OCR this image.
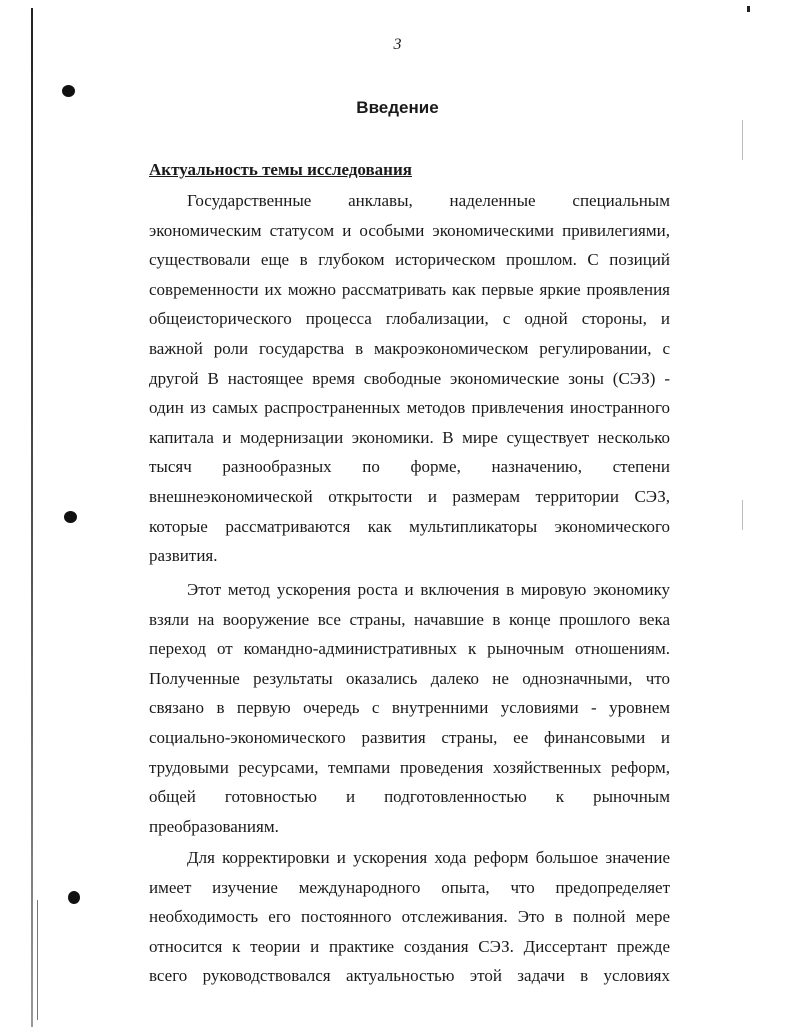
3
Введение
Актуальность темы исследования
Государственные анклавы, наделенные специальным
экономическим статусом и особыми экономическими привилегиями,
существовали еще в глубоком историческом прошлом. С позиций
современности их можно рассматривать как первые яркие проявления
общеисторического процесса глобализации, с одной стороны, и
важной роли государства в макроэкономическом регулировании, с
другой В настоящее время свободные экономические зоны (СЭЗ) -
один из самых распространенных методов привлечения иностранного
капитала и модернизации экономики. В мире существует несколько
тысяч разнообразных по форме, назначению, степени
внешнеэкономической открытости и размерам территории СЭЗ,
которые рассматриваются как мультипликаторы экономического
развития.
Этот метод ускорения роста и включения в мировую экономику
взяли на вооружение все страны, начавшие в конце прошлого века
переход от командно-административных к рыночным отношениям.
Полученные результаты оказались далеко не однозначными, что
связано в первую очередь с внутренними условиями - уровнем
социально-экономического развития страны, ее финансовыми и
трудовыми ресурсами, темпами проведения хозяйственных реформ,
общей готовностью и подготовленностью к рыночным
преобразованиям.
Для корректировки и ускорения хода реформ большое значение
имеет изучение международного опыта, что предопределяет
необходимость его постоянного отслеживания. Это в полной мере
относится к теории и практике создания СЭЗ. Диссертант прежде
всего руководствовался актуальностью этой задачи в условиях
